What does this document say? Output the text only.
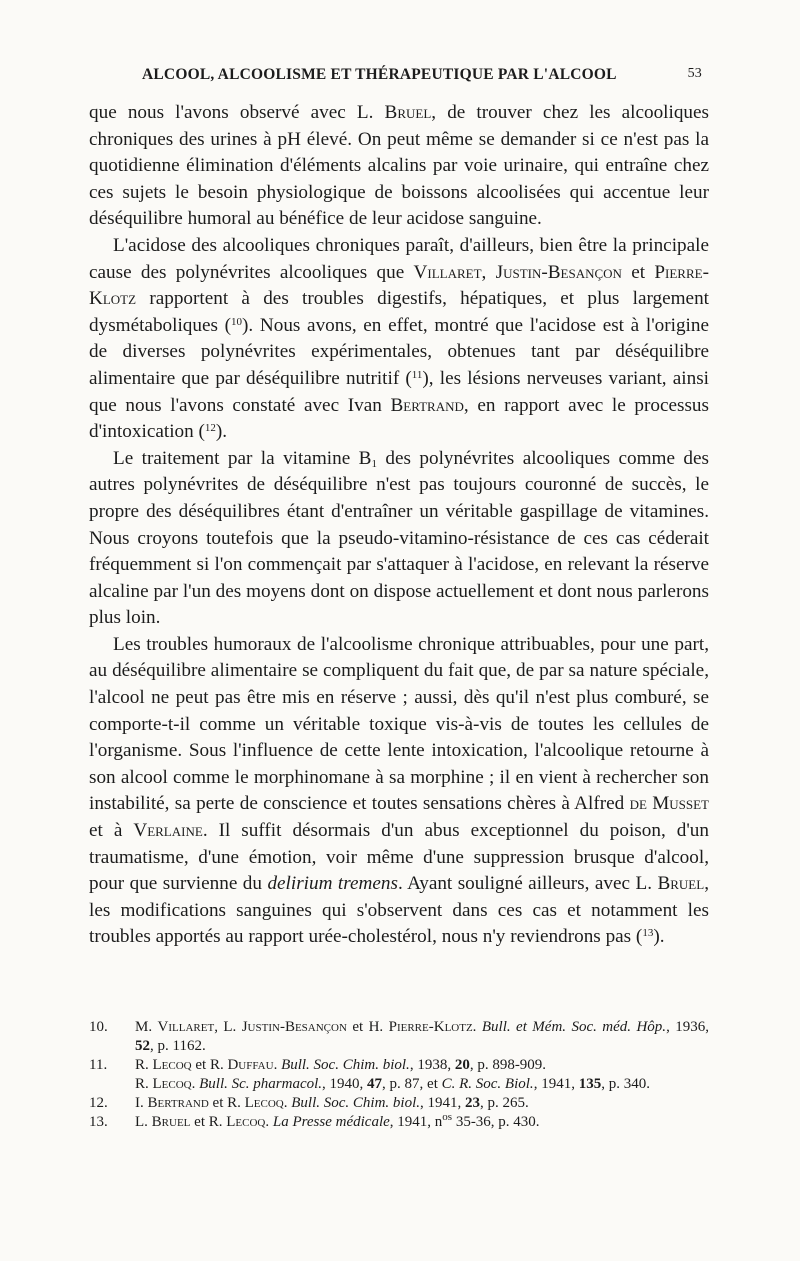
ALCOOL, ALCOOLISME ET THÉRAPEUTIQUE PAR L'ALCOOL	53

que nous l'avons observé avec L. Bruel, de trouver chez les alcooliques chroniques des urines à pH élevé. On peut même se demander si ce n'est pas la quotidienne élimination d'éléments alcalins par voie urinaire, qui entraîne chez ces sujets le besoin physiologique de boissons alcoolisées qui accentue leur déséquilibre humoral au bénéfice de leur acidose sanguine.

L'acidose des alcooliques chroniques paraît, d'ailleurs, bien être la principale cause des polynévrites alcooliques que Villaret, Justin-Besançon et Pierre-Klotz rapportent à des troubles digestifs, hépatiques, et plus largement dysmétaboliques ($^{10}$). Nous avons, en effet, montré que l'acidose est à l'origine de diverses polynévrites expérimentales, obtenues tant par déséquilibre alimentaire que par déséquilibre nutritif ($^{11}$), les lésions nerveuses variant, ainsi que nous l'avons constaté avec Ivan Bertrand, en rapport avec le processus d'intoxication ($^{12}$).

Le traitement par la vitamine $B_1$ des polynévrites alcooliques comme des autres polynévrites de déséquilibre n'est pas toujours couronné de succès, le propre des déséquilibres étant d'entraîner un véritable gaspillage de vitamines. Nous croyons toutefois que la pseudo-vitamino-résistance de ces cas céderait fréquemment si l'on commençait par s'attaquer à l'acidose, en relevant la réserve alcaline par l'un des moyens dont on dispose actuellement et dont nous parlerons plus loin.

Les troubles humoraux de l'alcoolisme chronique attribuables, pour une part, au déséquilibre alimentaire se compliquent du fait que, de par sa nature spéciale, l'alcool ne peut pas être mis en réserve ; aussi, dès qu'il n'est plus comburé, se comporte-t-il comme un véritable toxique vis-à-vis de toutes les cellules de l'organisme. Sous l'influence de cette lente intoxication, l'alcoolique retourne à son alcool comme le morphinomane à sa morphine ; il en vient à rechercher son instabilité, sa perte de conscience et toutes sensations chères à Alfred de Musset et à Verlaine. Il suffit désormais d'un abus exceptionnel du poison, d'un traumatisme, d'une émotion, voir même d'une suppression brusque d'alcool, pour que survienne du delirium tremens. Ayant souligné ailleurs, avec L. Bruel, les modifications sanguines qui s'observent dans ces cas et notamment les troubles apportés au rapport urée-cholestérol, nous n'y reviendrons pas ($^{13}$).

10. M. Villaret, L. Justin-Besançon et H. Pierre-Klotz. Bull. et Mém. Soc. méd. Hôp., 1936, 52, p. 1162.

11. R. Lecoq et R. Duffau. Bull. Soc. Chim. biol., 1938, 20, p. 898-909.

R. Lecoq. Bull. Sc. pharmacol., 1940, 47, p. 87, et C. R. Soc. Biol., 1941, 135, p. 340.

12. I. Bertrand et R. Lecoq. Bull. Soc. Chim. biol., 1941, 23, p. 265.

13. L. Bruel et R. Lecoq. La Presse médicale, 1941, $n^{os}$ 35-36, p. 430.
